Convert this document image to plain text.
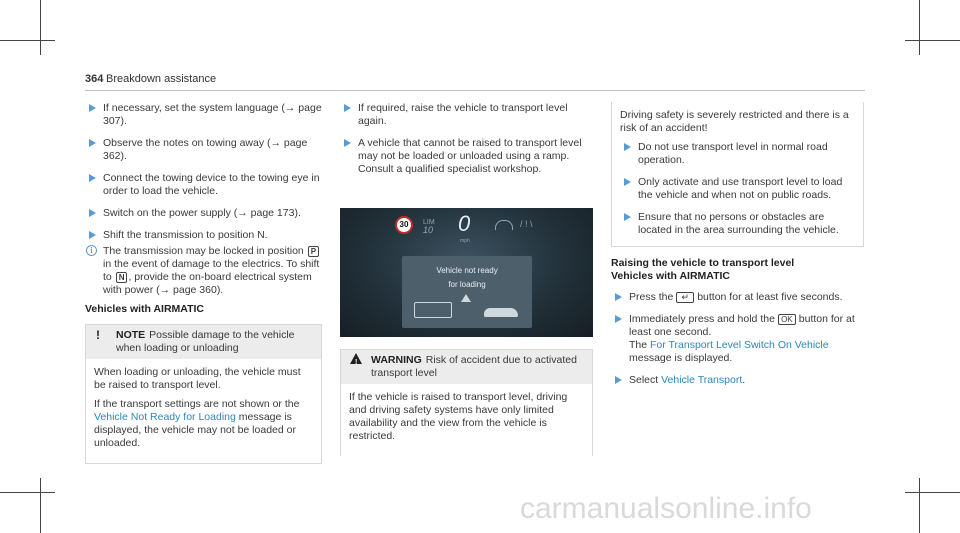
364 Breakdown assistance
If necessary, set the system language (→ page 307).
Observe the notes on towing away (→ page 362).
Connect the towing device to the towing eye in order to load the vehicle.
Switch on the power supply (→ page 173).
Shift the transmission to position N.
i The transmission may be locked in position P in the event of damage to the electrics. To shift to N , provide the on-board electrical system with power (→ page 360).
Vehicles with AIRMATIC
! NOTE Possible damage to the vehicle when loading or unloading

When loading or unloading, the vehicle must be raised to transport level.

If the transport settings are not shown or the Vehicle Not Ready for Loading message is displayed, the vehicle may not be loaded or unloaded.

If required, raise the vehicle to transport level again.
A vehicle that cannot be raised to transport level may not be loaded or unloaded using a ramp. Consult a qualified specialist workshop.
30	LIM
10 0
mph
/ ! \
Vehicle not ready
for loading
! WARNING Risk of accident due to activated transport level

If the vehicle is raised to transport level, driving and driving safety systems have only limited availability and the view from the vehicle is restricted.

Driving safety is severely restricted and there is a risk of an accident!

Do not use transport level in normal road operation.
Only activate and use transport level to load the vehicle and when not on public roads.
Ensure that no persons or obstacles are located in the area surrounding the vehicle.
Raising the vehicle to transport level
Vehicles with AIRMATIC
Press the ↵ button for at least five seconds.
Immediately press and hold the OK button for at least one second.
The For Transport Level Switch On Vehicle message is displayed.
Select Vehicle Transport.
carmanualsonline.info
